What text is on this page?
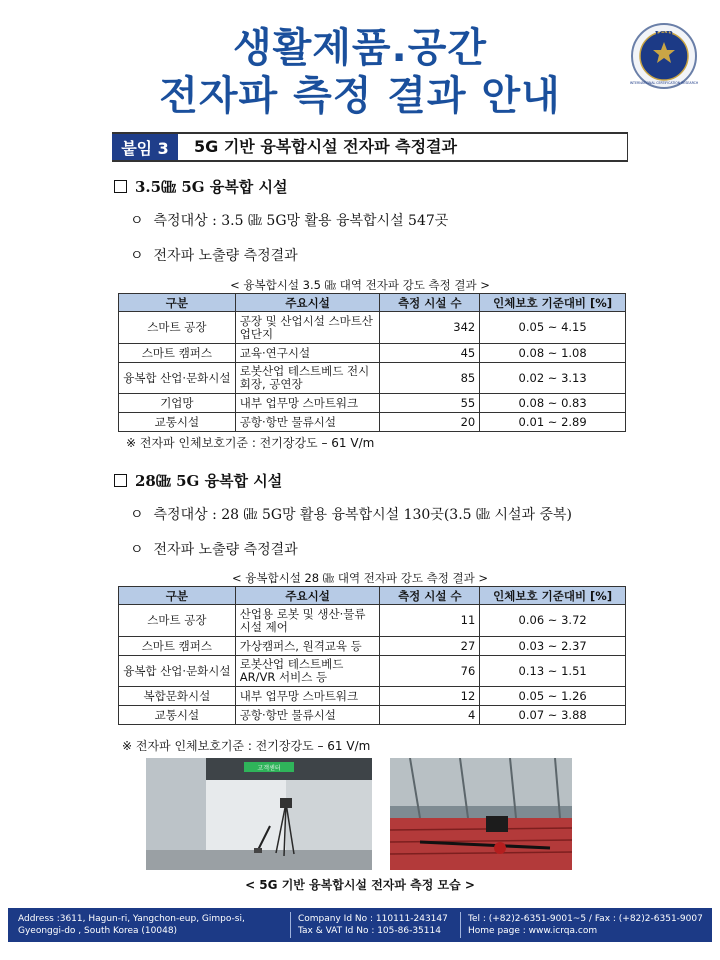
생활제품.공간
전자파 측정 결과 안내
ICR
INTERNATIONAL CERTIFICATION RESEARCH
붙임 3	5G 기반 융복합시설 전자파 측정결과
3.5㎓ 5G 융복합 시설
ㅇ 측정대상 : 3.5 ㎓ 5G망 활용 융복합시설 547곳
ㅇ 전자파 노출량 측정결과
< 융복합시설 3.5 ㎓ 대역 전자파 강도 측정 결과 >
구분	주요시설	측정 시설 수	인체보호 기준대비 [%]
스마트 공장	공장 및 산업시설 스마트산업단지	342	0.05 ~ 4.15
스마트 캠퍼스	교육·연구시설	45	0.08 ~ 1.08
융복합 산업·문화시설	로봇산업 테스트베드 전시회장, 공연장	85	0.02 ~ 3.13
기업망	내부 업무망 스마트워크	55	0.08 ~ 0.83
교통시설	공항·항만 물류시설	20	0.01 ~ 2.89
※ 전자파 인체보호기준 : 전기장강도 – 61 V/m
28㎓ 5G 융복합 시설
ㅇ 측정대상 : 28 ㎓ 5G망 활용 융복합시설 130곳(3.5 ㎓ 시설과 중복)
ㅇ 전자파 노출량 측정결과
< 융복합시설 28 ㎓ 대역 전자파 강도 측정 결과 >
구분	주요시설	측정 시설 수	인체보호 기준대비 [%]
스마트 공장	산업용 로봇 및 생산·물류시설 제어	11	0.06 ~ 3.72
스마트 캠퍼스	가상캠퍼스, 원격교육 등	27	0.03 ~ 2.37
융복합 산업·문화시설	로봇산업 테스트베드 AR/VR 서비스 등	76	0.13 ~ 1.51
복합문화시설	내부 업무망 스마트워크	12	0.05 ~ 1.26
교통시설	공항·항만 물류시설	4	0.07 ~ 3.88
※ 전자파 인체보호기준 : 전기장강도 – 61 V/m
고객센터
< 5G 기반 융복합시설 전자파 측정 모습 >
Address :3611, Hagun-ri, Yangchon-eup, Gimpo-si,
Gyeonggi-do , South Korea (10048)
Company Id No : 110111-243147
Tax & VAT Id No : 105-86-35114
Tel : (+82)2-6351-9001~5 / Fax : (+82)2-6351-9007
Home page : www.icrqa.com
